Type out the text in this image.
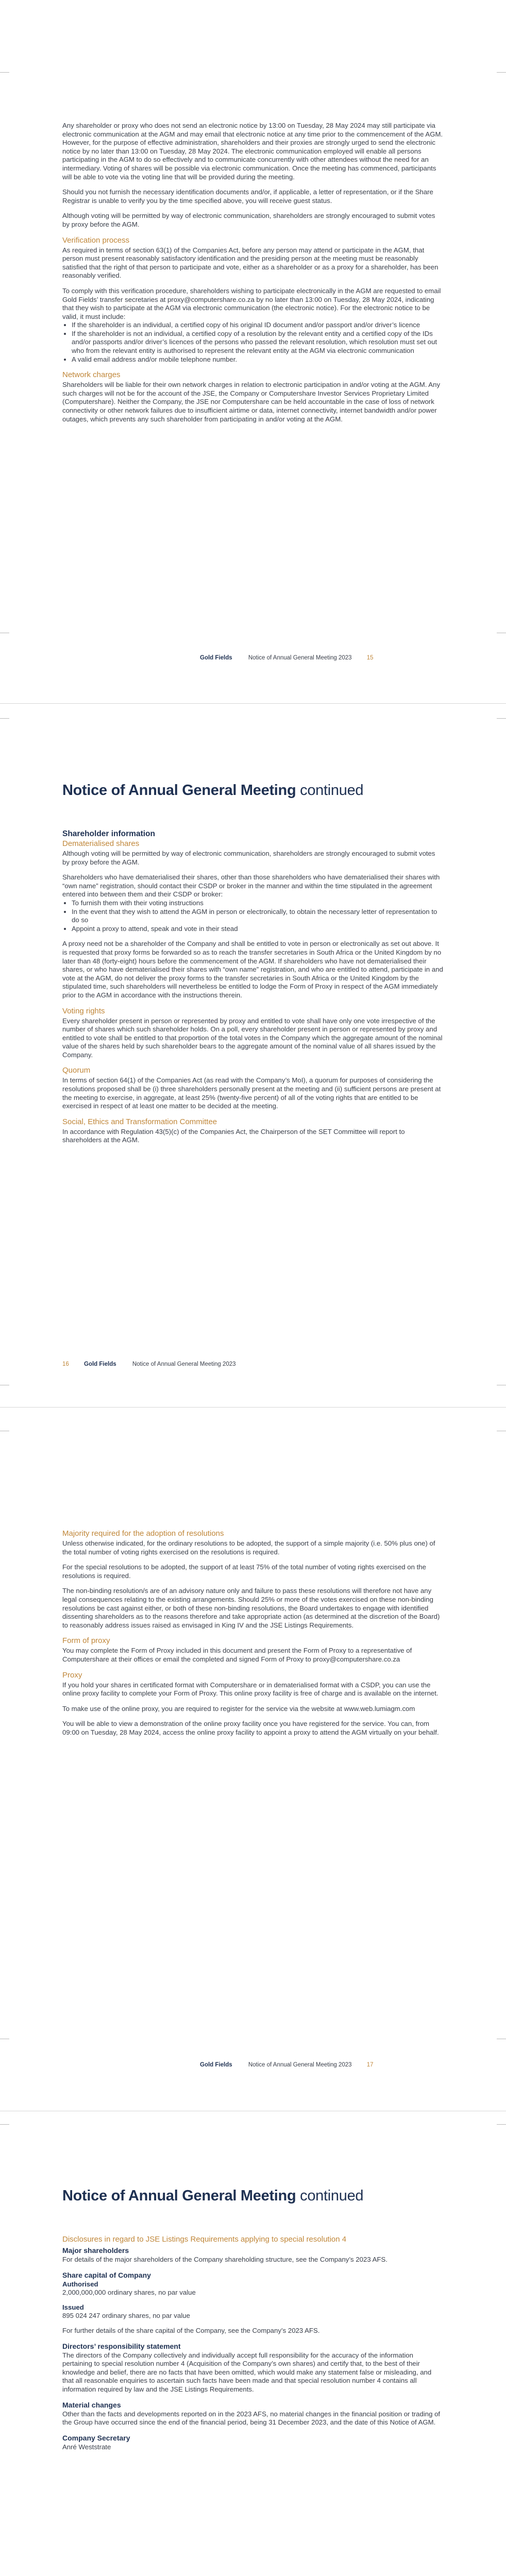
Any shareholder or proxy who does not send an electronic notice by 13:00 on Tuesday, 28 May 2024 may still participate via electronic communication at the AGM and may email that electronic notice at any time prior to the commencement of the AGM. However, for the purpose of effective administration, shareholders and their proxies are strongly urged to send the electronic notice by no later than 13:00 on Tuesday, 28 May 2024. The electronic communication employed will enable all persons participating in the AGM to do so effectively and to communicate concurrently with other attendees without the need for an intermediary. Voting of shares will be possible via electronic communication. Once the meeting has commenced, participants will be able to vote via the voting line that will be provided during the meeting.

Should you not furnish the necessary identification documents and/or, if applicable, a letter of representation, or if the Share Registrar is unable to verify you by the time specified above, you will receive guest status.

Although voting will be permitted by way of electronic communication, shareholders are strongly encouraged to submit votes by proxy before the AGM.

Verification process

As required in terms of section 63(1) of the Companies Act, before any person may attend or participate in the AGM, that person must present reasonably satisfactory identification and the presiding person at the meeting must be reasonably satisfied that the right of that person to participate and vote, either as a shareholder or as a proxy for a shareholder, has been reasonably verified.

To comply with this verification procedure, shareholders wishing to participate electronically in the AGM are requested to email Gold Fields’ transfer secretaries at proxy@computershare.co.za by no later than 13:00 on Tuesday, 28 May 2024, indicating that they wish to participate at the AGM via electronic communication (the electronic notice). For the electronic notice to be valid, it must include:

• If the shareholder is an individual, a certified copy of his original ID document and/or passport and/or driver’s licence
• If the shareholder is not an individual, a certified copy of a resolution by the relevant entity and a certified copy of the IDs and/or passports and/or driver’s licences of the persons who passed the relevant resolution, which resolution must set out who from the relevant entity is authorised to represent the relevant entity at the AGM via electronic communication
• A valid email address and/or mobile telephone number.
Network charges

Shareholders will be liable for their own network charges in relation to electronic participation in and/or voting at the AGM. Any such charges will not be for the account of the JSE, the Company or Computershare Investor Services Proprietary Limited (Computershare). Neither the Company, the JSE nor Computershare can be held accountable in the case of loss of network connectivity or other network failures due to insufficient airtime or data, internet connectivity, internet bandwidth and/or power outages, which prevents any such shareholder from participating in and/or voting at the AGM.

Gold Fields	Notice of Annual General Meeting 2023	15
Notice of Annual General Meeting continued
Shareholder information
Dematerialised shares

Although voting will be permitted by way of electronic communication, shareholders are strongly encouraged to submit votes by proxy before the AGM.

Shareholders who have dematerialised their shares, other than those shareholders who have dematerialised their shares with “own name” registration, should contact their CSDP or broker in the manner and within the time stipulated in the agreement entered into between them and their CSDP or broker:

• To furnish them with their voting instructions
• In the event that they wish to attend the AGM in person or electronically, to obtain the necessary letter of representation to do so
• Appoint a proxy to attend, speak and vote in their stead

A proxy need not be a shareholder of the Company and shall be entitled to vote in person or electronically as set out above. It is requested that proxy forms be forwarded so as to reach the transfer secretaries in South Africa or the United Kingdom by no later than 48 (forty-eight) hours before the commencement of the AGM. If shareholders who have not dematerialised their shares, or who have dematerialised their shares with “own name” registration, and who are entitled to attend, participate in and vote at the AGM, do not deliver the proxy forms to the transfer secretaries in South Africa or the United Kingdom by the stipulated time, such shareholders will nevertheless be entitled to lodge the Form of Proxy in respect of the AGM immediately prior to the AGM in accordance with the instructions therein.

Voting rights

Every shareholder present in person or represented by proxy and entitled to vote shall have only one vote irrespective of the number of shares which such shareholder holds. On a poll, every shareholder present in person or represented by proxy and entitled to vote shall be entitled to that proportion of the total votes in the Company which the aggregate amount of the nominal value of the shares held by such shareholder bears to the aggregate amount of the nominal value of all shares issued by the Company.

Quorum

In terms of section 64(1) of the Companies Act (as read with the Company’s MoI), a quorum for purposes of considering the resolutions proposed shall be (i) three shareholders personally present at the meeting and (ii) sufficient persons are present at the meeting to exercise, in aggregate, at least 25% (twenty-five percent) of all of the voting rights that are entitled to be exercised in respect of at least one matter to be decided at the meeting.

Social, Ethics and Transformation Committee

In accordance with Regulation 43(5)(c) of the Companies Act, the Chairperson of the SET Committee will report to shareholders at the AGM.

16	Gold Fields	Notice of Annual General Meeting 2023
Majority required for the adoption of resolutions

Unless otherwise indicated, for the ordinary resolutions to be adopted, the support of a simple majority (i.e. 50% plus one) of the total number of voting rights exercised on the resolutions is required.

For the special resolutions to be adopted, the support of at least 75% of the total number of voting rights exercised on the resolutions is required.

The non-binding resolution/s are of an advisory nature only and failure to pass these resolutions will therefore not have any legal consequences relating to the existing arrangements. Should 25% or more of the votes exercised on these non-binding resolutions be cast against either, or both of these non-binding resolutions, the Board undertakes to engage with identified dissenting shareholders as to the reasons therefore and take appropriate action (as determined at the discretion of the Board) to reasonably address issues raised as envisaged in King IV and the JSE Listings Requirements.

Form of proxy

You may complete the Form of Proxy included in this document and present the Form of Proxy to a representative of Computershare at their offices or email the completed and signed Form of Proxy to proxy@computershare.co.za

Proxy

If you hold your shares in certificated format with Computershare or in dematerialised format with a CSDP, you can use the online proxy facility to complete your Form of Proxy. This online proxy facility is free of charge and is available on the internet.

To make use of the online proxy, you are required to register for the service via the website at www.web.lumiagm.com

You will be able to view a demonstration of the online proxy facility once you have registered for the service. You can, from 09:00 on Tuesday, 28 May 2024, access the online proxy facility to appoint a proxy to attend the AGM virtually on your behalf.

Gold Fields	Notice of Annual General Meeting 2023	17
Notice of Annual General Meeting continued
Disclosures in regard to JSE Listings Requirements applying to special resolution 4
Major shareholders

For details of the major shareholders of the Company shareholding structure, see the Company’s 2023 AFS.

Share capital of Company
Authorised
2,000,000,000 ordinary shares, no par value
Issued
895 024 247 ordinary shares, no par value

For further details of the share capital of the Company, see the Company’s 2023 AFS.

Directors’ responsibility statement

The directors of the Company collectively and individually accept full responsibility for the accuracy of the information pertaining to special resolution number 4 (Acquisition of the Company’s own shares) and certify that, to the best of their knowledge and belief, there are no facts that have been omitted, which would make any statement false or misleading, and that all reasonable enquiries to ascertain such facts have been made and that special resolution number 4 contains all information required by law and the JSE Listings Requirements.

Material changes

Other than the facts and developments reported on in the 2023 AFS, no material changes in the financial position or trading of the Group have occurred since the end of the financial period, being 31 December 2023, and the date of this Notice of AGM.

Company Secretary
Anré Weststrate
